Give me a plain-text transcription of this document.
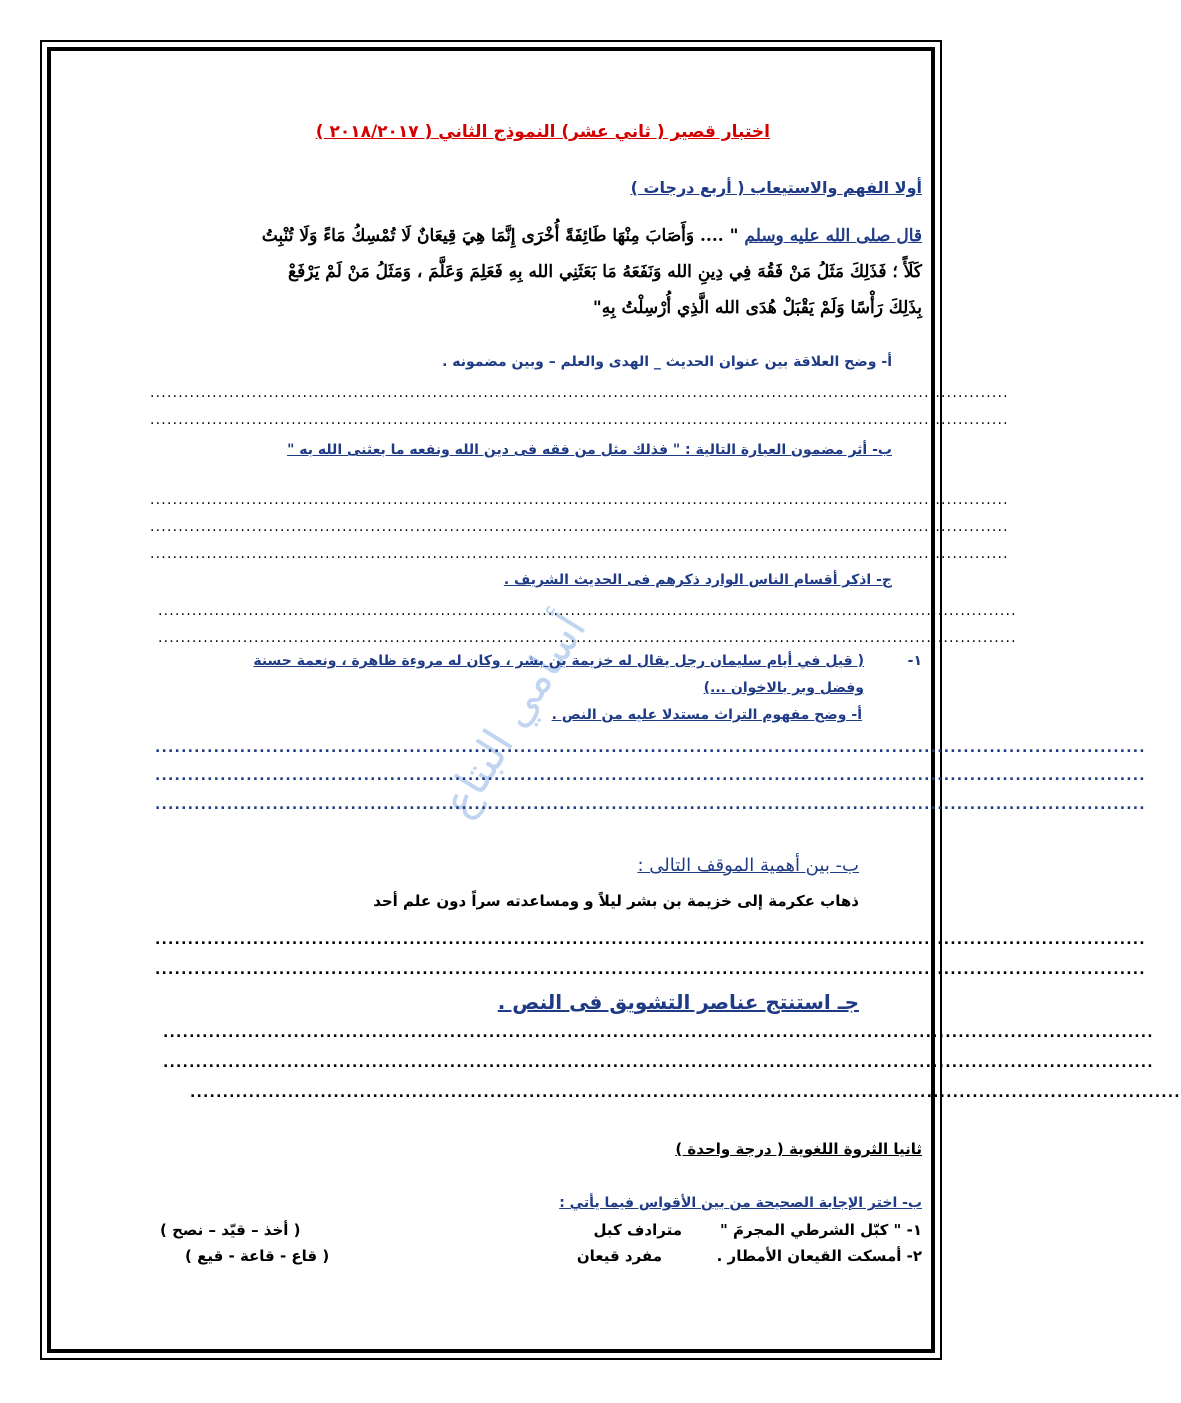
أسامي البتاع
اختبار قصير ( ثاني عشر) النموذج الثاني ( ٢٠١٨/٢٠١٧ )
أولا الفهم والاستيعاب ( أربع درجات )
قال صلى الله عليه وسلم " .... وَأَصَابَ مِنْهَا طَائِفَةً أُخْرَى إِنَّمَا هِيَ قِيعَانٌ لَا تُمْسِكُ مَاءً وَلَا تُنْبِتُ
كَلَأً ؛ فَذَلِكَ مَثَلُ مَنْ فَقُهَ فِي دِينِ الله وَنَفَعَهُ مَا بَعَثَنِي الله بِهِ فَعَلِمَ وَعَلَّمَ ، وَمَثَلُ مَنْ لَمْ يَرْفَعْ
بِذَلِكَ رَأْسًا وَلَمْ يَقْبَلْ هُدَى الله الَّذِي أُرْسِلْتُ بِهِ"
أ- وضح العلاقة بين عنوان الحديث _ الهدى والعلم – وبين مضمونه .
........................................................................................................................................................
........................................................................................................................................................
ب- أثر مضمون العبارة التالية : " فذلك مثل من فقه فى دين الله ونفعه ما بعثنى الله به "
........................................................................................................................................................
........................................................................................................................................................
........................................................................................................................................................
ج- اذكر أقسام الناس الوارد ذكرهم فى الحديث الشريف .
........................................................................................................................................................
........................................................................................................................................................
١-
( قيل في أيام سليمان رجل يقال له خزيمة بن بشر ، وكان له مروءة ظاهرة ، ونعمة حسنة
وفضل وبر بالاخوان ...)
أ- وضح مفهوم التراث مستدلا عليه من النص .
........................................................................................................................................................
........................................................................................................................................................
........................................................................................................................................................
ب- بين أهمية الموقف التالى :
ذهاب عكرمة إلى خزيمة بن بشر ليلاً و ومساعدته سراً دون علم أحد
........................................................................................................................................................
........................................................................................................................................................
جـ استنتج عناصر التشويق فى النص .
........................................................................................................................................................
........................................................................................................................................................
........................................................................................................................................................
ثانيا الثروة اللغوية ( درجة واحدة )
ب- اختر الإجابة الصحيحة من بين الأقواس فيما يأتي :
١- " كبّل الشرطي المجرمَ "
مترادف كبل
( أخذ – قيّد – نصح )
٢- أمسكت القيعان الأمطار .
مفرد قيعان
( قاع - قاعة - قيع )
